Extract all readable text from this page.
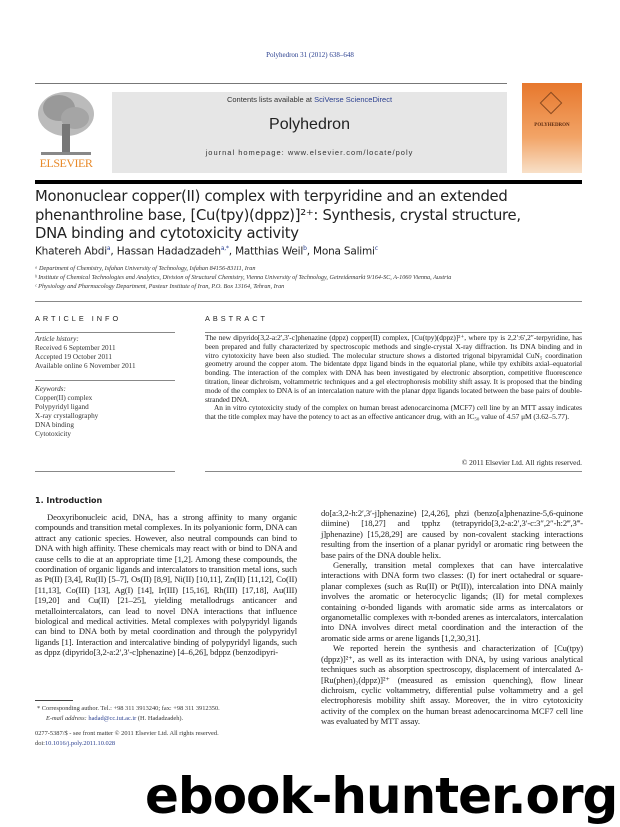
Polyhedron 31 (2012) 638–648
ELSEVIER
Contents lists available at SciVerse ScienceDirect
Polyhedron
journal homepage: www.elsevier.com/locate/poly
POLYHEDRON
Mononuclear copper(II) complex with terpyridine and an extended phenanthroline base, [Cu(tpy)(dppz)]²⁺: Synthesis, crystal structure, DNA binding and cytotoxicity activity
Khatereh Abdi$^a$, Hassan Hadadzadeh$^{a,*}$, Matthias Weil$^b$, Mona Salimi$^c$
ᵃ Department of Chemistry, Isfahan University of Technology, Isfahan 84156-83111, Iran
ᵇ Institute of Chemical Technologies and Analytics, Division of Structural Chemistry, Vienna University of Technology, Getreidemarkt 9/164-SC, A-1060 Vienna, Austria
ᶜ Physiology and Pharmacology Department, Pasteur Institute of Iran, P.O. Box 13164, Tehran, Iran
ARTICLE INFO	ABSTRACT
Article history:
Received 6 September 2011
Accepted 19 October 2011
Available online 6 November 2011
Keywords:
Copper(II) complex
Polypyridyl ligand
X-ray crystallography
DNA binding
Cytotoxicity

The new dipyrido[3,2-a:2′,3′-c]phenazine (dppz) copper(II) complex, [Cu(tpy)(dppz)]²⁺, where tpy is 2,2′:6′,2″-terpyridine, has been prepared and fully characterized by spectroscopic methods and single-crystal X-ray diffraction. Its DNA binding and in vitro cytotoxicity have been also studied. The molecular structure shows a distorted trigonal bipyramidal CuN₅ coordination geometry around the copper atom. The bidentate dppz ligand binds in the equatorial plane, while tpy exhibits axial–equatorial bonding. The interaction of the complex with DNA has been investigated by electronic absorption, competitive fluorescence titration, linear dichroism, voltammetric techniques and a gel electrophoresis mobility shift assay. It is proposed that the binding mode of the complex to DNA is of an intercalation nature with the planar dppz ligands located between the base pairs of double-stranded DNA.

An in vitro cytotoxicity study of the complex on human breast adenocarcinoma (MCF7) cell line by an MTT assay indicates that the title complex may have the potency to act as an effective anticancer drug, with an IC₅₀ value of 4.57 μM (3.62–5.77).

© 2011 Elsevier Ltd. All rights reserved.
1. Introduction

Deoxyribonucleic acid, DNA, has a strong affinity to many organic compounds and transition metal complexes. In its polyanionic form, DNA can attract any cationic species. However, also neutral compounds can bind to DNA with high affinity. These chemicals may react with or bind to DNA and cause cells to die at an appropriate time [1,2]. Among these compounds, the coordination of organic ligands and intercalators to transition metal ions, such as Pt(II) [3,4], Ru(II) [5–7], Os(II) [8,9], Ni(II) [10,11], Zn(II) [11,12], Co(II) [11,13], Co(III) [13], Ag(I) [14], Ir(III) [15,16], Rh(III) [17,18], Au(III) [19,20] and Cu(II) [21–25], yielding metallodrugs anticancer and metallointercalators, can lead to novel DNA interactions that influence biological and medical activities. Metal complexes with polypyridyl ligands can bind to DNA both by metal coordination and through the polypyridyl ligands [1]. Interaction and intercalative binding of polypyridyl ligands, such as dppz (dipyrido[3,2-a:2′,3′-c]phenazine) [4–6,26], bdppz (benzodipyri-

do[a:3,2-h:2′,3′-j]phenazine) [2,4,26], phzi (benzo[a]phenazine-5,6-quinone diimine) [18,27] and tpphz (tetrapyrido[3,2-a:2′,3′-c:3″,2″-h:2‴,3‴-j]phenazine) [15,28,29] are caused by non-covalent stacking interactions resulting from the insertion of a planar pyridyl or aromatic ring between the base pairs of the DNA double helix.

Generally, transition metal complexes that can have intercalative interactions with DNA form two classes: (I) for inert octahedral or square-planar complexes (such as Ru(II) or Pt(II)), intercalation into DNA mainly involves the aromatic or heterocyclic ligands; (II) for metal complexes containing σ-bonded ligands with aromatic side arms as intercalators or organometallic complexes with π-bonded arenes as intercalators, intercalation into DNA involves direct metal coordination and the interaction of the aromatic side arms or arene ligands [1,2,30,31].

We reported herein the synthesis and characterization of [Cu(tpy)(dppz)]²⁺, as well as its interaction with DNA, by using various analytical techniques such as absorption spectroscopy, displacement of intercalated Δ-[Ru(phen)₂(dppz)]²⁺ (measured as emission quenching), flow linear dichroism, cyclic voltammetry, differential pulse voltammetry and a gel electrophoresis mobility shift assay. Moreover, the in vitro cytotoxicity activity of the complex on the human breast adenocarcinoma MCF7 cell line was evaluated by MTT assay.

* Corresponding author. Tel.: +98 311 3913240; fax: +98 311 3912350.
E-mail address: hadad@cc.iut.ac.ir (H. Hadadzadeh).
0277-5387/$ - see front matter © 2011 Elsevier Ltd. All rights reserved.
doi:10.1016/j.poly.2011.10.028
ebook-hunter.org
